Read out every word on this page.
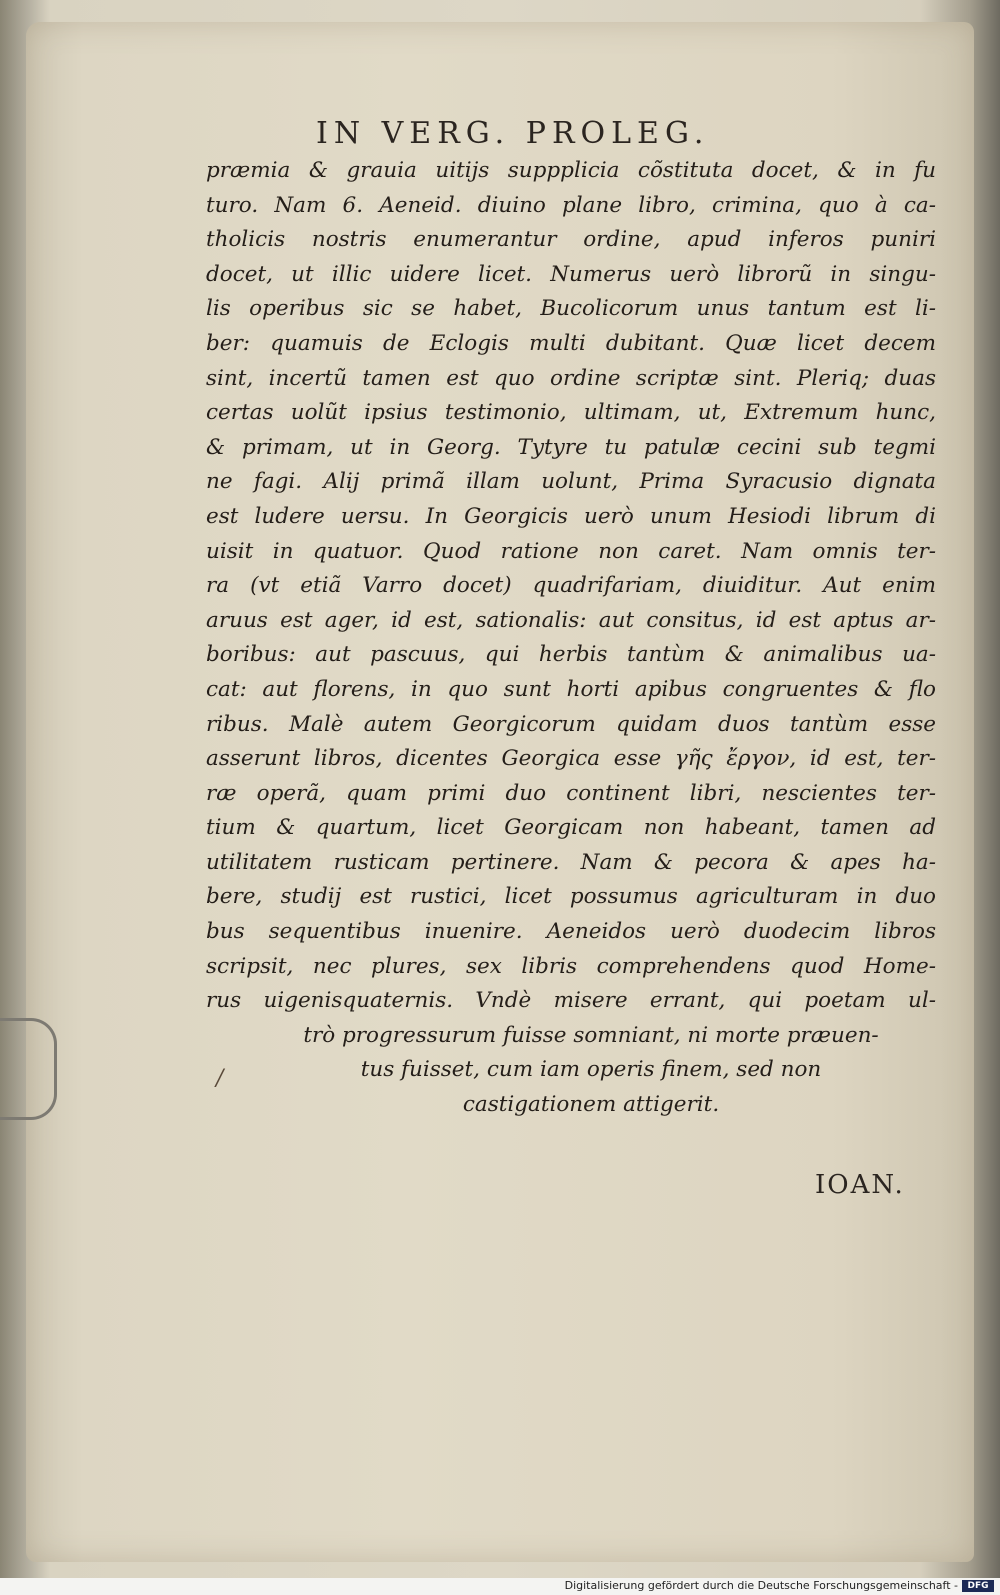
IN VERG. PROLEG.
præmia & grauia uitijs suppplicia cõstituta docet, & in fu
turo. Nam 6. Aeneid. diuino plane libro, crimina, quo à ca-
tholicis nostris enumerantur ordine, apud inferos puniri
docet, ut illic uidere licet. Numerus uerò librorũ in singu-
lis operibus sic se habet, Bucolicorum unus tantum est li-
ber: quamuis de Eclogis multi dubitant. Quæ licet decem
sint, incertũ tamen est quo ordine scriptæ sint. Pleriq; duas
certas uolũt ipsius testimonio, ultimam, ut, Extremum hunc,
& primam, ut in Georg. Tytyre tu patulæ cecini sub tegmi
ne fagi. Alij primã illam uolunt, Prima Syracusio dignata
est ludere uersu. In Georgicis uerò unum Hesiodi librum di
uisit in quatuor. Quod ratione non caret. Nam omnis ter-
ra (vt etiã Varro docet) quadrifariam, diuiditur. Aut enim
aruus est ager, id est, sationalis: aut consitus, id est aptus ar-
boribus: aut pascuus, qui herbis tantùm & animalibus ua-
cat: aut florens, in quo sunt horti apibus congruentes & flo
ribus. Malè autem Georgicorum quidam duos tantùm esse
asserunt libros, dicentes Georgica esse γῆς ἔργον, id est, ter-
ræ operã, quam primi duo continent libri, nescientes ter-
tium & quartum, licet Georgicam non habeant, tamen ad
utilitatem rusticam pertinere. Nam & pecora & apes ha-
bere, studij est rustici, licet possumus agriculturam in duo
bus sequentibus inuenire. Aeneidos uerò duodecim libros
scripsit, nec plures, sex libris comprehendens quod Home-
rus uigenisquaternis. Vndè misere errant, qui poetam ul-
trò progressurum fuisse somniant, ni morte præuen-
tus fuisset, cum iam operis finem, sed non
castigationem attigerit.
/
IOAN.
Digitalisierung gefördert durch die Deutsche Forschungsgemeinschaft -	DFG
